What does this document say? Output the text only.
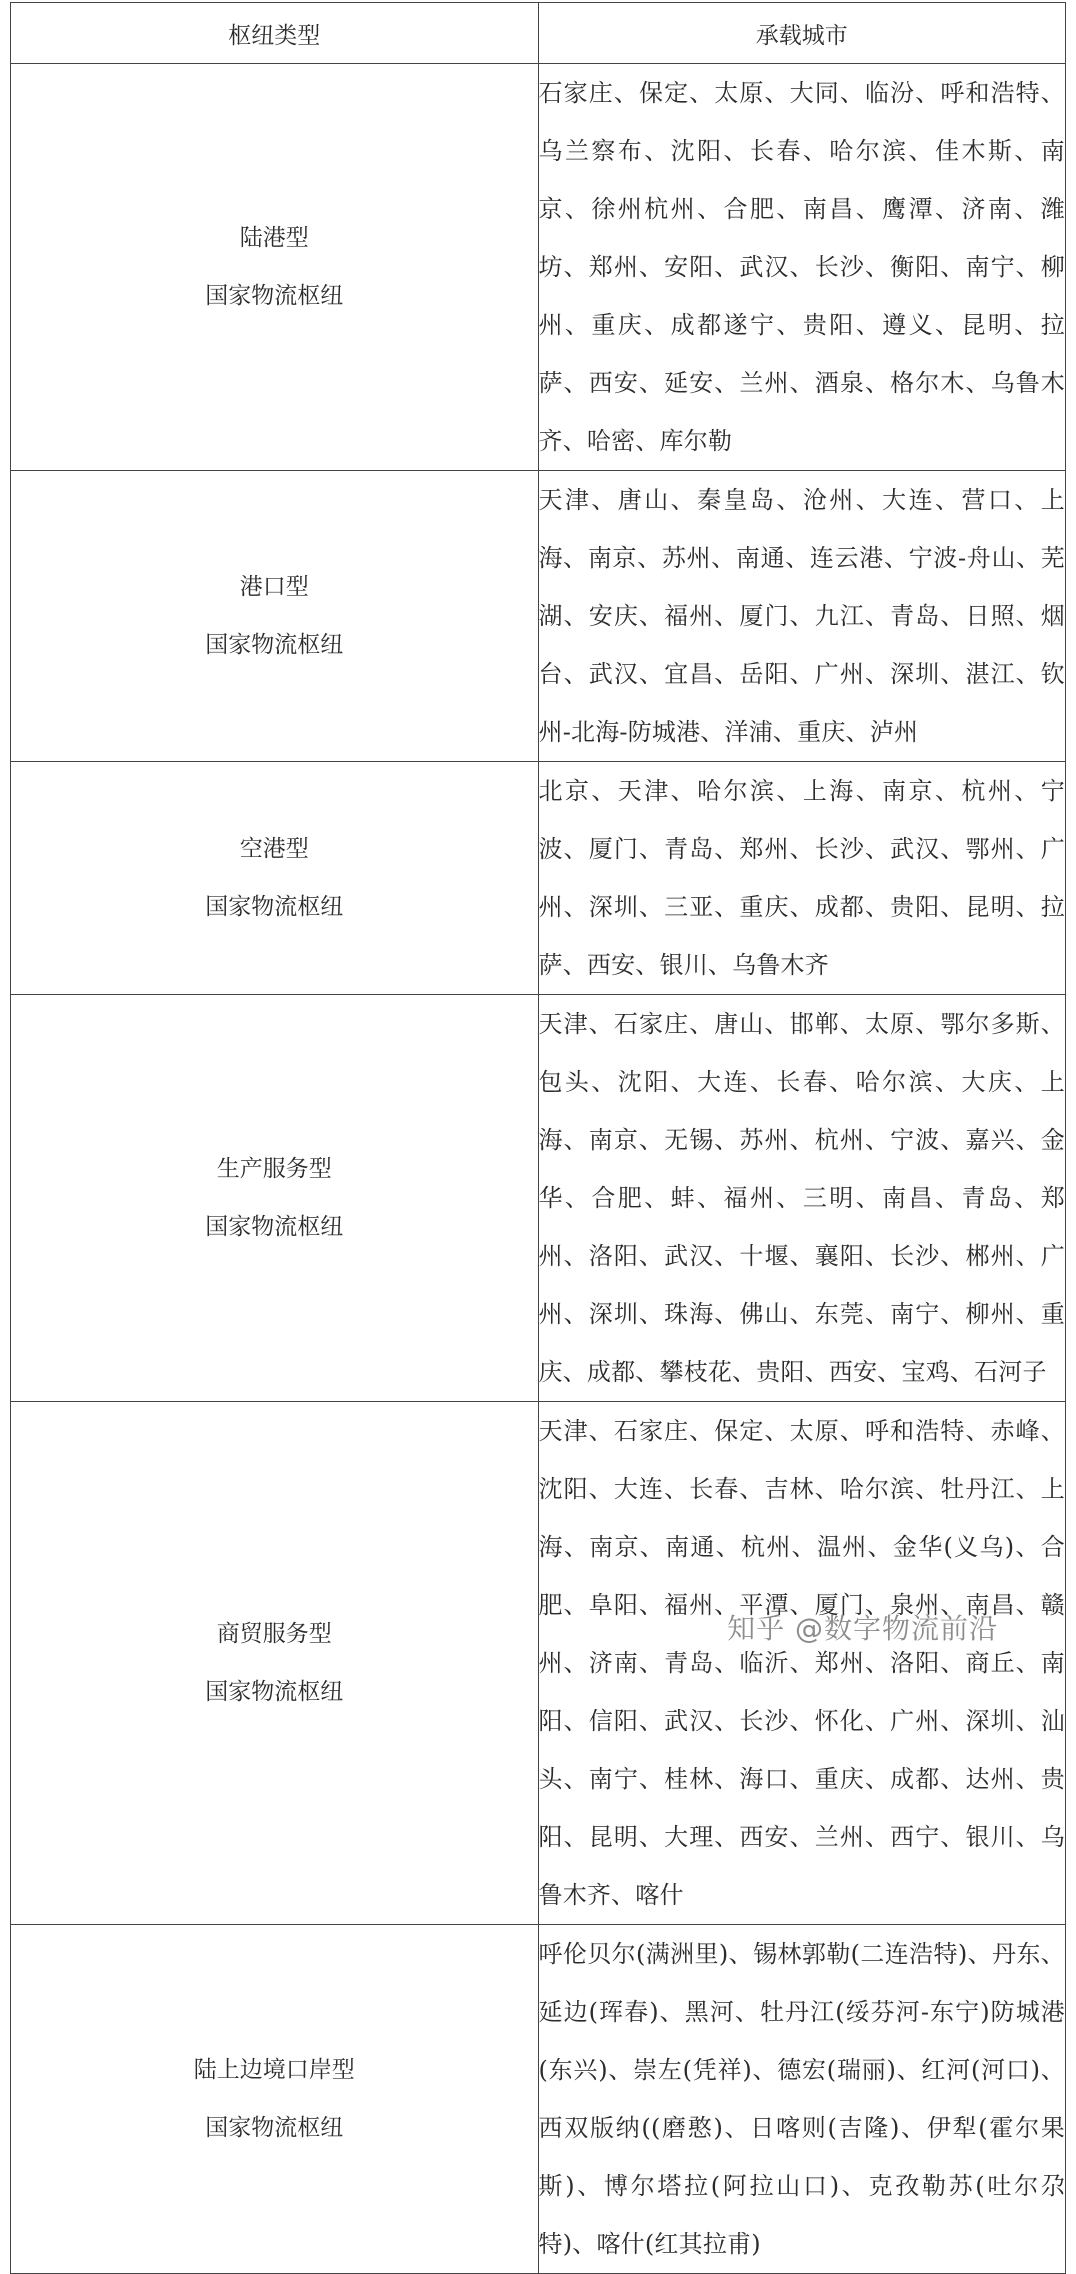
枢纽类型	承载城市

陆港型
国家物流枢纽	石家庄、保定、太原、大同、临汾、呼和浩特、乌兰察布、沈阳、长春、哈尔滨、佳木斯、南京、徐州杭州、合肥、南昌、鹰潭、济南、潍坊、郑州、安阳、武汉、长沙、衡阳、南宁、柳州、重庆、成都遂宁、贵阳、遵义、昆明、拉萨、西安、延安、兰州、酒泉、格尔木、乌鲁木齐、哈密、库尔勒

港口型
国家物流枢纽	天津、唐山、秦皇岛、沧州、大连、营口、上海、南京、苏州、南通、连云港、宁波-舟山、芜湖、安庆、福州、厦门、九江、青岛、日照、烟台、武汉、宜昌、岳阳、广州、深圳、湛江、钦州-北海-防城港、洋浦、重庆、泸州

空港型
国家物流枢纽	北京、天津、哈尔滨、上海、南京、杭州、宁波、厦门、青岛、郑州、长沙、武汉、鄂州、广州、深圳、三亚、重庆、成都、贵阳、昆明、拉萨、西安、银川、乌鲁木齐

生产服务型
国家物流枢纽	天津、石家庄、唐山、邯郸、太原、鄂尔多斯、包头、沈阳、大连、长春、哈尔滨、大庆、上海、南京、无锡、苏州、杭州、宁波、嘉兴、金华、合肥、蚌、福州、三明、南昌、青岛、郑州、洛阳、武汉、十堰、襄阳、长沙、郴州、广州、深圳、珠海、佛山、东莞、南宁、柳州、重庆、成都、攀枝花、贵阳、西安、宝鸡、石河子

商贸服务型
国家物流枢纽	天津、石家庄、保定、太原、呼和浩特、赤峰、沈阳、大连、长春、吉林、哈尔滨、牡丹江、上海、南京、南通、杭州、温州、金华(义乌)、合肥、阜阳、福州、平潭、厦门、泉州、南昌、赣州、济南、青岛、临沂、郑州、洛阳、商丘、南阳、信阳、武汉、长沙、怀化、广州、深圳、汕头、南宁、桂林、海口、重庆、成都、达州、贵阳、昆明、大理、西安、兰州、西宁、银川、乌鲁木齐、喀什

陆上边境口岸型
国家物流枢纽	呼伦贝尔(满洲里)、锡林郭勒(二连浩特)、丹东、延边(珲春)、黑河、牡丹江(绥芬河-东宁)防城港(东兴)、崇左(凭祥)、德宏(瑞丽)、红河(河口)、西双版纳((磨憨)、日喀则(吉隆)、伊犁(霍尔果斯)、博尔塔拉(阿拉山口)、克孜勒苏(吐尔尕特)、喀什(红其拉甫)
知乎 @数字物流前沿
